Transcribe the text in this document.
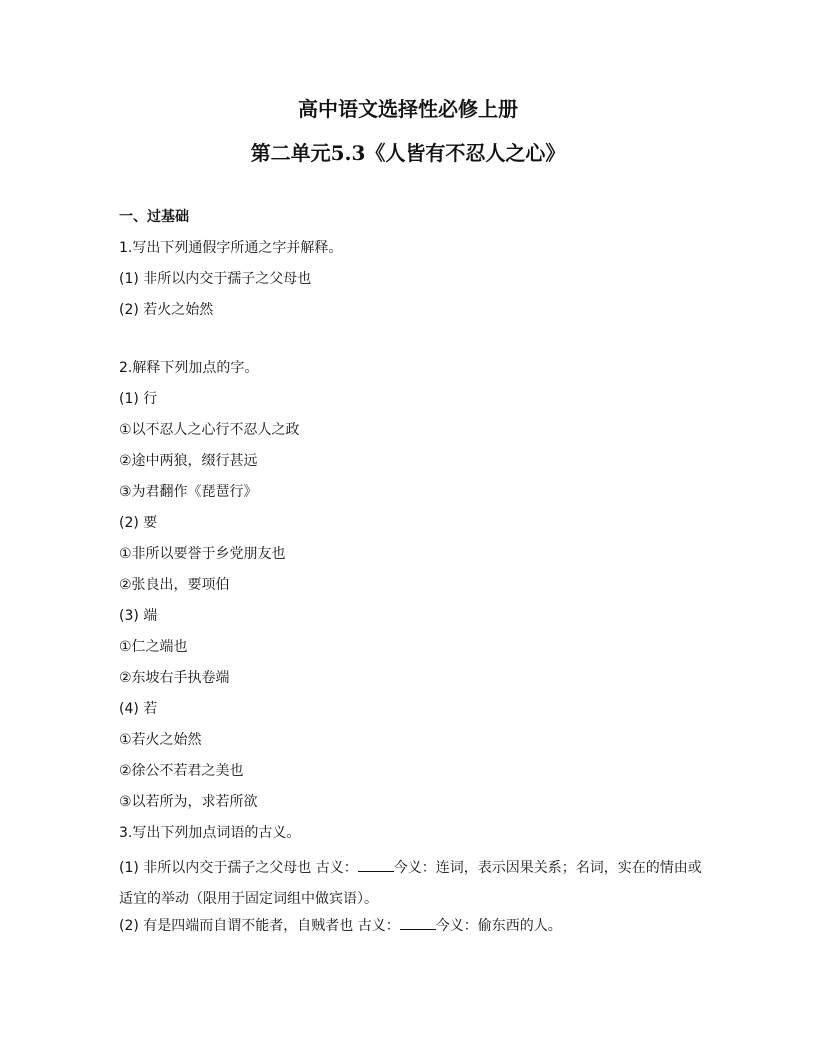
高中语文选择性必修上册
第二单元5.3《人皆有不忍人之心》
一、过基础
1.写出下列通假字所通之字并解释。
(1) 非所以内交于孺子之父母也
(2) 若火之始然
2.解释下列加点的字。
(1) 行
①以不忍人之心行不忍人之政
②途中两狼，缀行甚远
③为君翻作《琵琶行》
(2) 要
①非所以要誉于乡党朋友也
②张良出，要项伯
(3) 端
①仁之端也
②东坡右手执卷端
(4) 若
①若火之始然
②徐公不若君之美也
③以若所为，求若所欲
3.写出下列加点词语的古义。
(1) 非所以内交于孺子之父母也 古义：	今义：连词，表示因果关系；名词，实在的情由或适宜的举动（限用于固定词组中做宾语）。
(2) 有是四端而自谓不能者，自贼者也 古义：	今义：偷东西的人。
